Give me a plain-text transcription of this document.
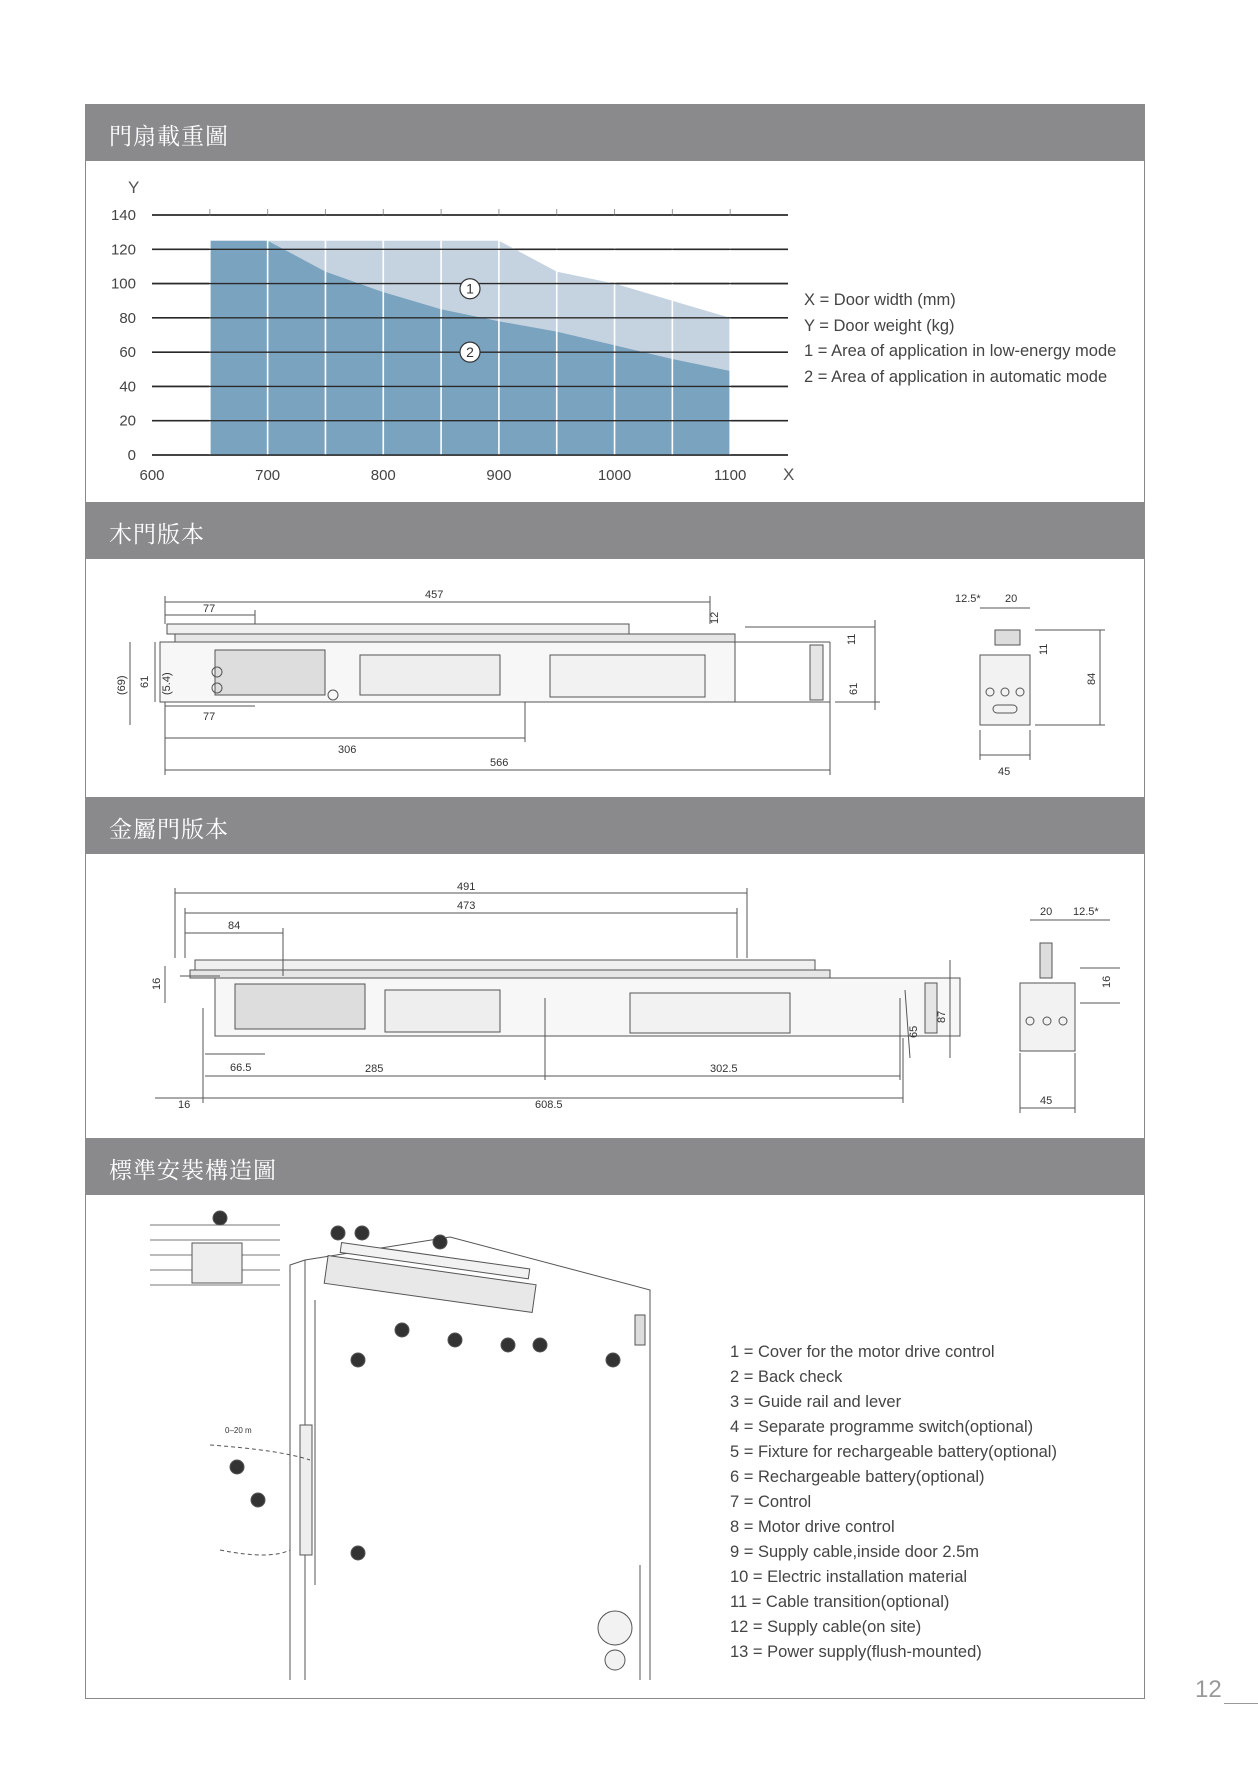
門扇載重圖
0
20
40
60
80
100
120
140
600	700	800	900	1000	1100
1
2
Y
X
X = Door width (mm)
Y = Door weight (kg)
1 = Area of application in low-energy mode
2 = Area of application in automatic mode
木門版本
457
77
12
11
61
(69) 61 (5.4)
77
306
566
12.5* 20
11
84
45
金屬門版本
16
491
473
84
66.5	285	302.5
16	608.5
65
87
20 12.5*
16
45
標準安裝構造圖
13
1 2
3
4
5
6
7
8
9
10
11
12
0–20 m
1 = Cover for the motor drive control
2 = Back check
3 = Guide rail and lever
4 = Separate programme switch(optional)
5 = Fixture for rechargeable battery(optional)
6 = Rechargeable battery(optional)
7 = Control
8 = Motor drive control
9 = Supply cable,inside door 2.5m
10 = Electric installation material
11 = Cable transition(optional)
12 = Supply cable(on site)
13 = Power supply(flush-mounted)
12
